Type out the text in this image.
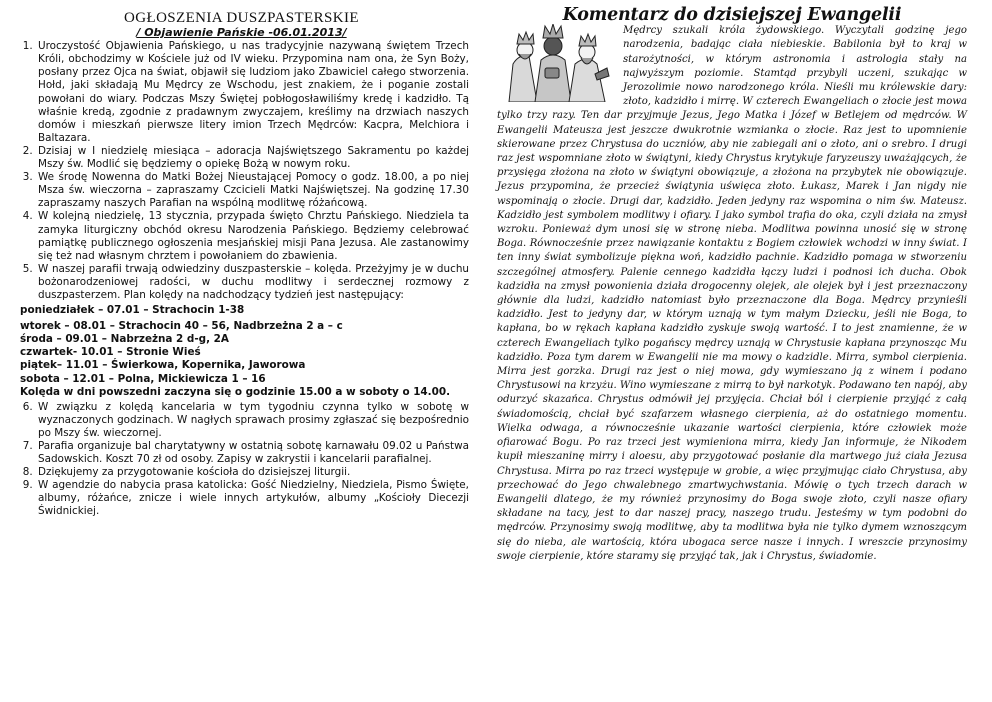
OGŁOSZENIA DUSZPASTERSKIE
/ Objawienie Pańskie -06.01.2013/
1. Uroczystość Objawienia Pańskiego, u nas tradycyjnie nazywaną świętem Trzech Króli, obchodzimy w Kościele już od IV wieku. Przypomina nam ona, że Syn Boży, posłany przez Ojca na świat, objawił się ludziom jako Zbawiciel całego stworzenia. Hołd, jaki składają Mu Mędrcy ze Wschodu, jest znakiem, że i poganie zostali powołani do wiary. Podczas Mszy Świętej pobłogosławiliśmy kredę i kadzidło. Tą właśnie kredą, zgodnie z pradawnym zwyczajem, kreślimy na drzwiach naszych domów i mieszkań pierwsze litery imion Trzech Mędrców: Kacpra, Melchiora i Baltazara.
2. Dzisiaj w I niedzielę miesiąca – adoracja Najświętszego Sakramentu po każdej Mszy św. Modlić się będziemy o opiekę Bożą w nowym roku.
3. We środę Nowenna do Matki Bożej Nieustającej Pomocy o godz. 18.00, a po niej Msza św. wieczorna – zapraszamy Czcicieli Matki Najświętszej. Na godzinę 17.30 zapraszamy naszych Parafian na wspólną modlitwę różańcową.
4. W kolejną niedzielę, 13 stycznia, przypada święto Chrztu Pańskiego. Niedziela ta zamyka liturgiczny obchód okresu Narodzenia Pańskiego. Będziemy celebrować pamiątkę publicznego ogłoszenia mesjańskiej misji Pana Jezusa. Ale zastanowimy się też nad własnym chrztem i powołaniem do zbawienia.
5. W naszej parafii trwają odwiedziny duszpasterskie – kolęda. Przeżyjmy je w duchu bożonarodzeniowej radości, w duchu modlitwy i serdecznej rozmowy z duszpasterzem. Plan kolędy na nadchodzący tydzień jest następujący:
poniedziałek – 07.01 – Strachocin 1-38
wtorek – 08.01 – Strachocin 40 – 56, Nadbrzeżna 2 a – c
środa – 09.01 – Nabrzeżna 2 d-g, 2A
czwartek- 10.01 – Stronie Wieś
piątek– 11.01 – Świerkowa, Kopernika, Jaworowa
sobota – 12.01 – Polna, Mickiewicza 1 – 16
Kolęda w dni powszedni zaczyna się o godzinie 15.00 a w soboty o 14.00.
6. W związku z kolędą kancelaria w tym tygodniu czynna tylko w sobotę w wyznaczonych godzinach. W nagłych sprawach prosimy zgłaszać się bezpośrednio po Mszy św. wieczornej.
7. Parafia organizuje bal charytatywny w ostatnią sobotę karnawału 09.02 u Państwa Sadowskich. Koszt 70 zł od osoby. Zapisy w zakrystii i kancelarii parafialnej.
8. Dziękujemy za przygotowanie kościoła do dzisiejszej liturgii.
9. W agendzie do nabycia prasa katolicka: Gość Niedzielny, Niedziela, Pismo Święte, albumy, różańce, znicze i wiele innych artykułów, albumy „Kościoły Diecezji Świdnickiej.
Komentarz do dzisiejszej Ewangelii

Mędrcy szukali króla żydowskiego. Wyczytali godzinę jego narodzenia, badając ciała niebieskie. Babilonia był to kraj w starożytności, w którym astronomia i astrologia stały na najwyższym poziomie. Stamtąd przybyli uczeni, szukając w Jerozolimie nowo narodzonego króla. Nieśli mu królewskie dary: złoto, kadzidło i mirrę. W czterech Ewangeliach o złocie jest mowa tylko trzy razy. Ten dar przyjmuje Jezus, Jego Matka i Józef w Betlejem od mędrców. W Ewangelii Mateusza jest jeszcze dwukrotnie wzmianka o złocie. Raz jest to upomnienie skierowane przez Chrystusa do uczniów, aby nie zabiegali ani o złoto, ani o srebro. I drugi raz jest wspomniane złoto w świątyni, kiedy Chrystus krytykuje faryzeuszy uważających, że przysięga złożona na złoto w świątyni obowiązuje, a złożona na przybytek nie obowiązuje. Jezus przypomina, że przecież świątynia uświęca złoto. Łukasz, Marek i Jan nigdy nie wspominają o złocie. Drugi dar, kadzidło. Jeden jedyny raz wspomina o nim św. Mateusz. Kadzidło jest symbolem modlitwy i ofiary. I jako symbol trafia do oka, czyli działa na zmysł wzroku. Ponieważ dym unosi się w stronę nieba. Modlitwa powinna unosić się w stronę Boga. Równocześnie przez nawiązanie kontaktu z Bogiem człowiek wchodzi w inny świat. I ten inny świat symbolizuje piękna woń, kadzidło pachnie. Kadzidło pomaga w stworzeniu szczególnej atmosfery. Palenie cennego kadzidła łączy ludzi i podnosi ich ducha. Obok kadzidła na zmysł powonienia działa drogocenny olejek, ale olejek był i jest przeznaczony głównie dla ludzi, kadzidło natomiast było przeznaczone dla Boga. Mędrcy przynieśli kadzidło. Jest to jedyny dar, w którym uznają w tym małym Dziecku, jeśli nie Boga, to kapłana, bo w rękach kapłana kadzidło zyskuje swoją wartość. I to jest znamienne, że w czterech Ewangeliach tylko pogańscy mędrcy uznają w Chrystusie kapłana przynosząc Mu kadzidło. Poza tym darem w Ewangelii nie ma mowy o kadzidle. Mirra, symbol cierpienia. Mirra jest gorzka. Drugi raz jest o niej mowa, gdy wymieszano ją z winem i podano Chrystusowi na krzyżu. Wino wymieszane z mirrą to był narkotyk. Podawano ten napój, aby odurzyć skazańca. Chrystus odmówił jej przyjęcia. Chciał ból i cierpienie przyjąć z całą świadomością, chciał być szafarzem własnego cierpienia, aż do ostatniego momentu. Wielka odwaga, a równocześnie ukazanie wartości cierpienia, które człowiek może ofiarować Bogu. Po raz trzeci jest wymieniona mirra, kiedy Jan informuje, że Nikodem kupił mieszaninę mirry i aloesu, aby przygotować posłanie dla martwego już ciała Jezusa Chrystusa. Mirra po raz trzeci występuje w grobie, a więc przyjmując ciało Chrystusa, aby przechować do Jego chwalebnego zmartwychwstania. Mówię o tych trzech darach w Ewangelii dlatego, że my również przynosimy do Boga swoje złoto, czyli nasze ofiary składane na tacy, jest to dar naszej pracy, naszego trudu. Jesteśmy w tym podobni do mędrców. Przynosimy swoją modlitwę, aby ta modlitwa była nie tylko dymem wznoszącym się do nieba, ale wartością, która ubogaca serce nasze i innych. I wreszcie przynosimy swoje cierpienie, które staramy się przyjąć tak, jak i Chrystus, świadomie.
